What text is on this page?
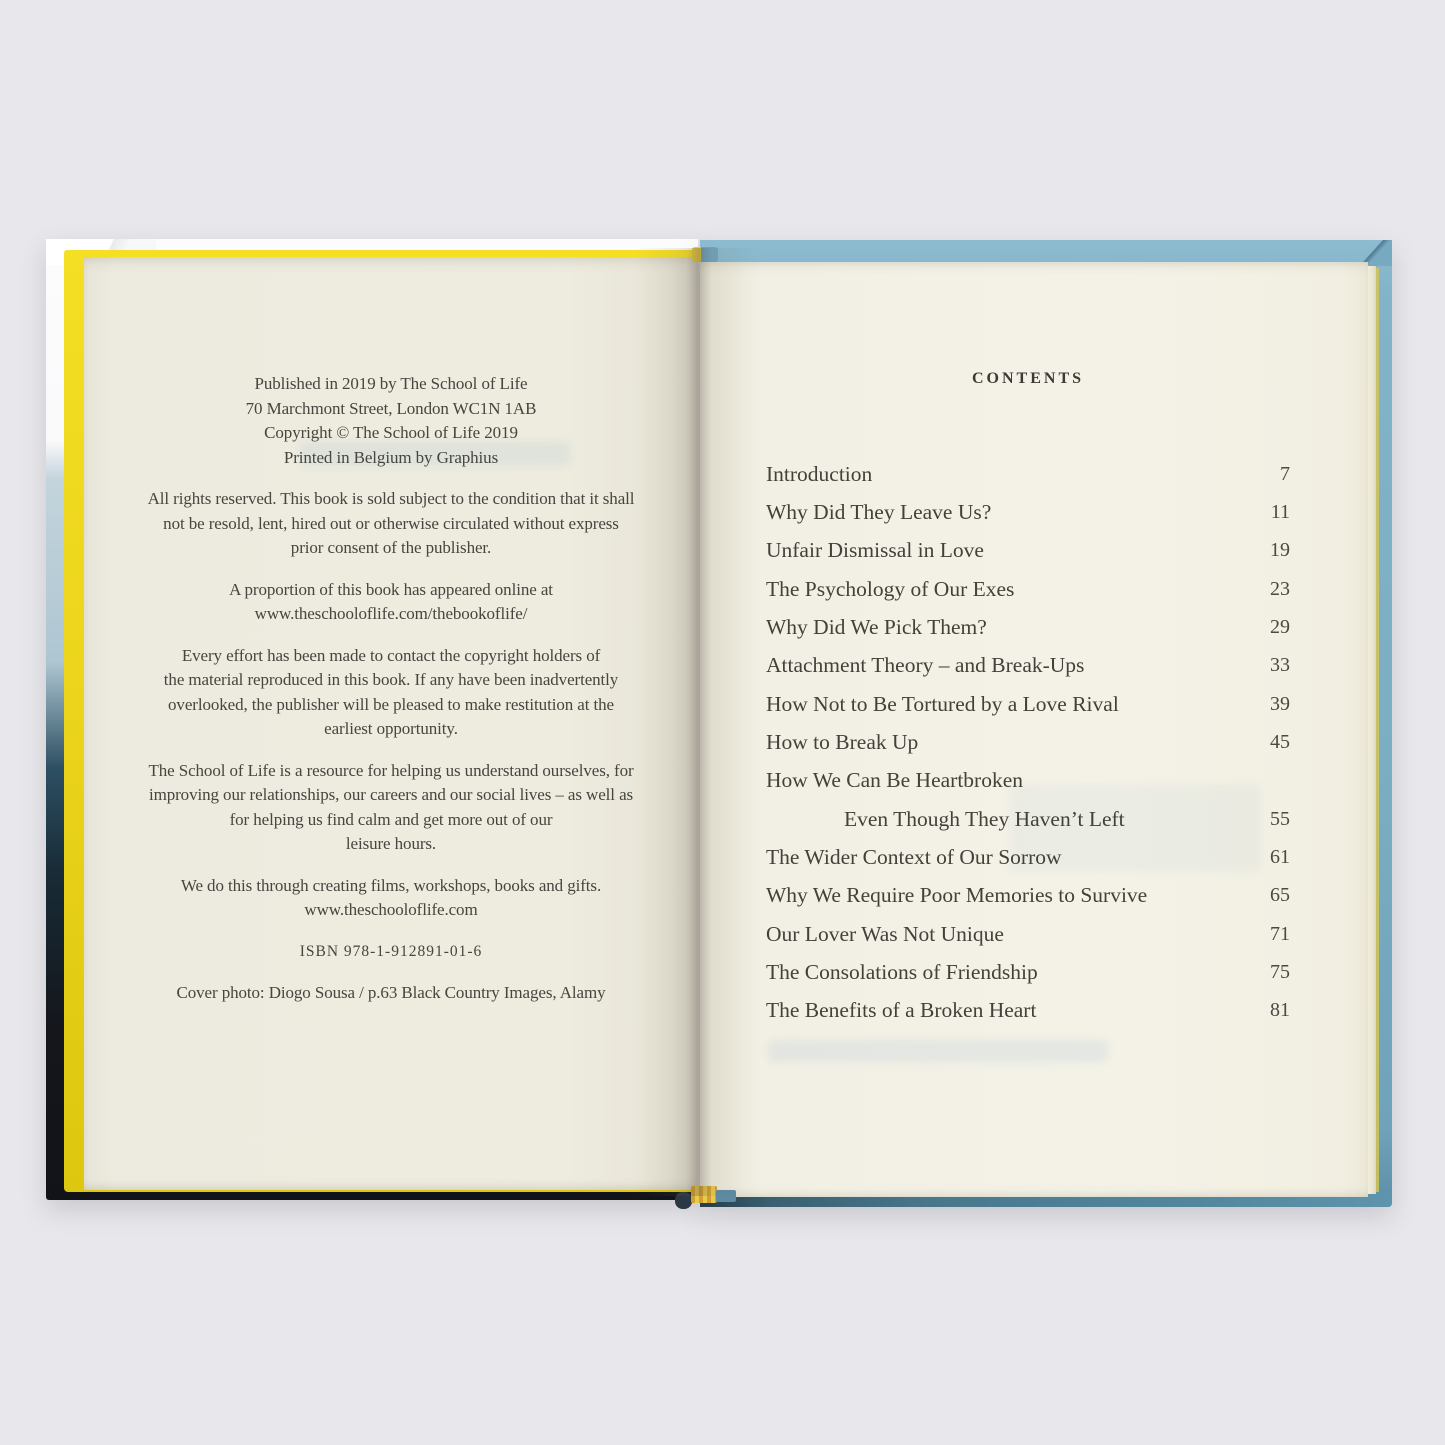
Published in 2019 by The School of Life
70 Marchmont Street, London WC1N 1AB
Copyright © The School of Life 2019
Printed in Belgium by Graphius
All rights reserved. This book is sold subject to the condition that it shall
not be resold, lent, hired out or otherwise circulated without express
prior consent of the publisher.
A proportion of this book has appeared online at
www.theschooloflife.com/thebookoflife/
Every effort has been made to contact the copyright holders of
the material reproduced in this book. If any have been inadvertently
overlooked, the publisher will be pleased to make restitution at the
earliest opportunity.
The School of Life is a resource for helping us understand ourselves, for
improving our relationships, our careers and our social lives – as well as
for helping us find calm and get more out of our
leisure hours.
We do this through creating films, workshops, books and gifts.
www.theschooloflife.com
ISBN 978-1-912891-01-6
Cover photo: Diogo Sousa / p.63 Black Country Images, Alamy
CONTENTS
Introduction	7
Why Did They Leave Us?	11
Unfair Dismissal in Love	19
The Psychology of Our Exes	23
Why Did We Pick Them?	29
Attachment Theory – and Break-Ups	33
How Not to Be Tortured by a Love Rival	39
How to Break Up	45
How We Can Be Heartbroken
Even Though They Haven’t Left	55
The Wider Context of Our Sorrow	61
Why We Require Poor Memories to Survive	65
Our Lover Was Not Unique	71
The Consolations of Friendship	75
The Benefits of a Broken Heart	81
